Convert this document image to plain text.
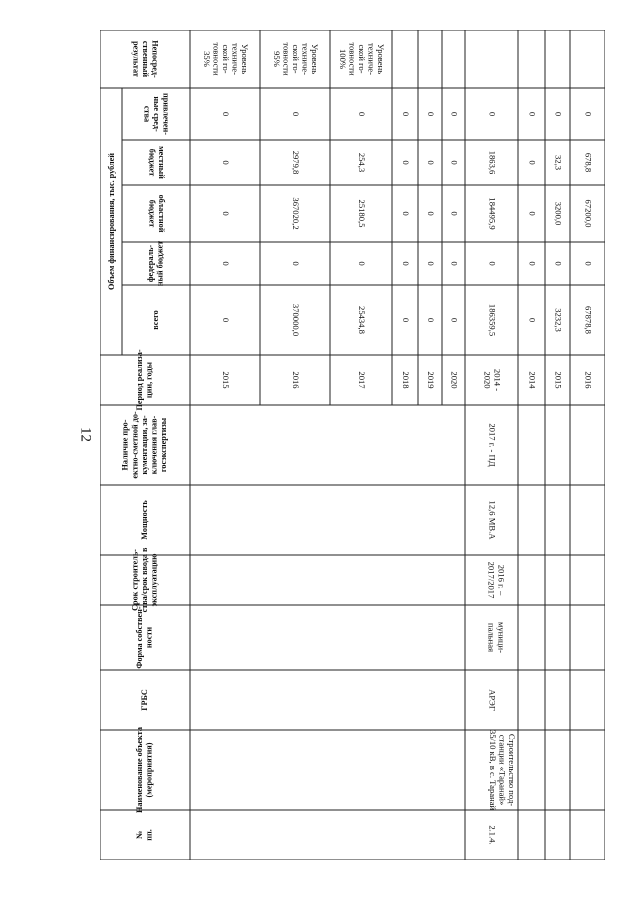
12
Непосред-ственныйрезультат
Объем финансирования, тыс. рублей
привлечен-ные сред-ства
местныйбюджет
областнойбюджет
федераль-ный бюджет
всего
Период реализа-ции, годы
Наличие про-ектно-сметной до-кументации, за-ключения глав-госэкспертизы
Мощность
Срок строитель-ства/срок ввода вэксплуатацию
Форма собствен-ности
ГРБС
Наименование объекта(мероприятия)
№пп.
Уровеньтехниче-ской го-товности35%
0
0
0
0
0
2015
Уровеньтехниче-ской го-товности95%
0
2979,8
367020,2
0
370000,0
2016
Уровеньтехниче-ской го-товности100%
0
254,3
25180,5
0
25434,8
2017
0
0
0
0
0
2018
0
0
0
0
0
2019
0
0
0
0
0
2020
0
1863,6
184495,9
0
186359,5
2014 -2020
0
0
0
0
0
2014
0
32,3
3200,0
0
3232,3
2015
0
678,8
67200,0
0
67878,8
2016
2017 г. - ПД
12,6 МВ.А
2016 г. –2017/2017
муници-пальная
АРЭГ
Строительство под-станции «Таранай»35/10 кВ, в с. Таранай
2.1.4.
